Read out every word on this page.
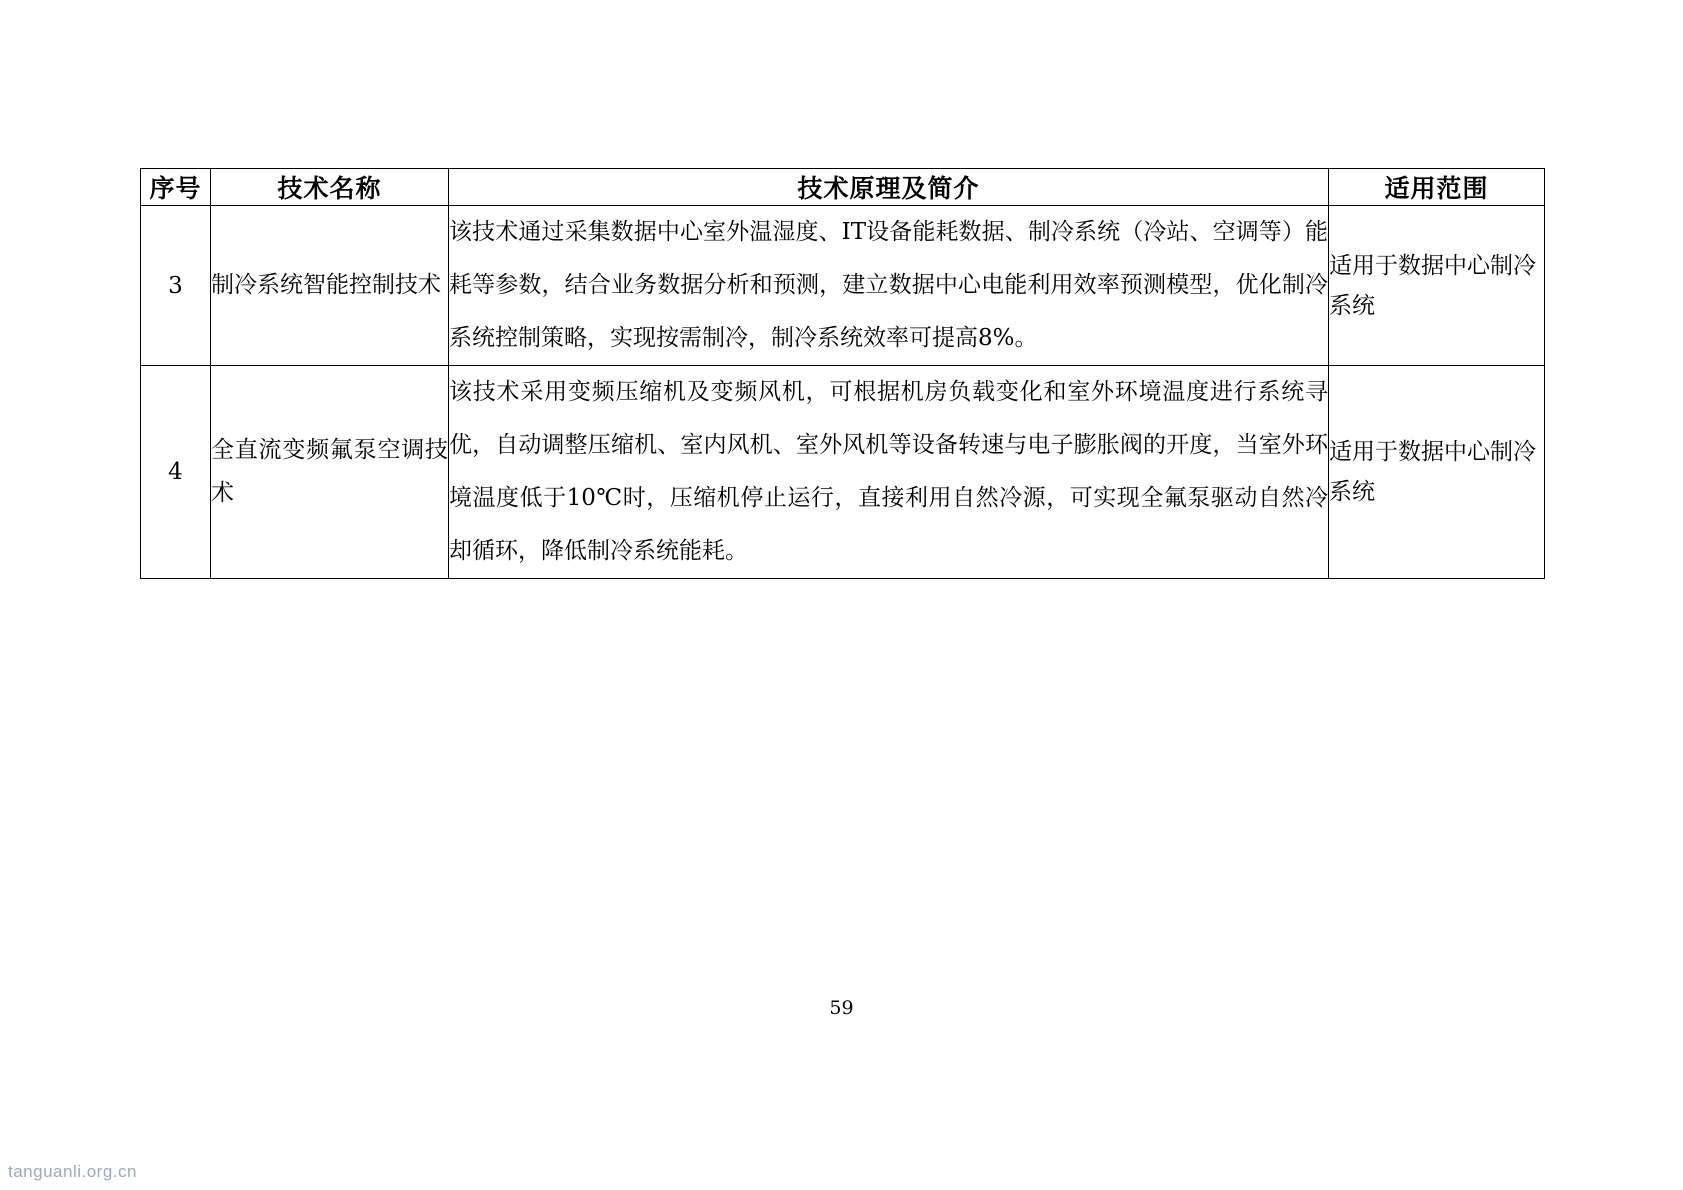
序号	技术名称	技术原理及简介	适用范围
3	制冷系统智能控制技术	该技术通过采集数据中心室外温湿度、IT设备能耗数据、制冷系统（冷站、空调等）能耗等参数，结合业务数据分析和预测，建立数据中心电能利用效率预测模型，优化制冷系统控制策略，实现按需制冷，制冷系统效率可提高8%。	适用于数据中心制冷系统
4	全直流变频氟泵空调技术	该技术采用变频压缩机及变频风机，可根据机房负载变化和室外环境温度进行系统寻优，自动调整压缩机、室内风机、室外风机等设备转速与电子膨胀阀的开度，当室外环境温度低于10℃时，压缩机停止运行，直接利用自然冷源，可实现全氟泵驱动自然冷却循环，降低制冷系统能耗。	适用于数据中心制冷系统
59
tanguanli.org.cn
